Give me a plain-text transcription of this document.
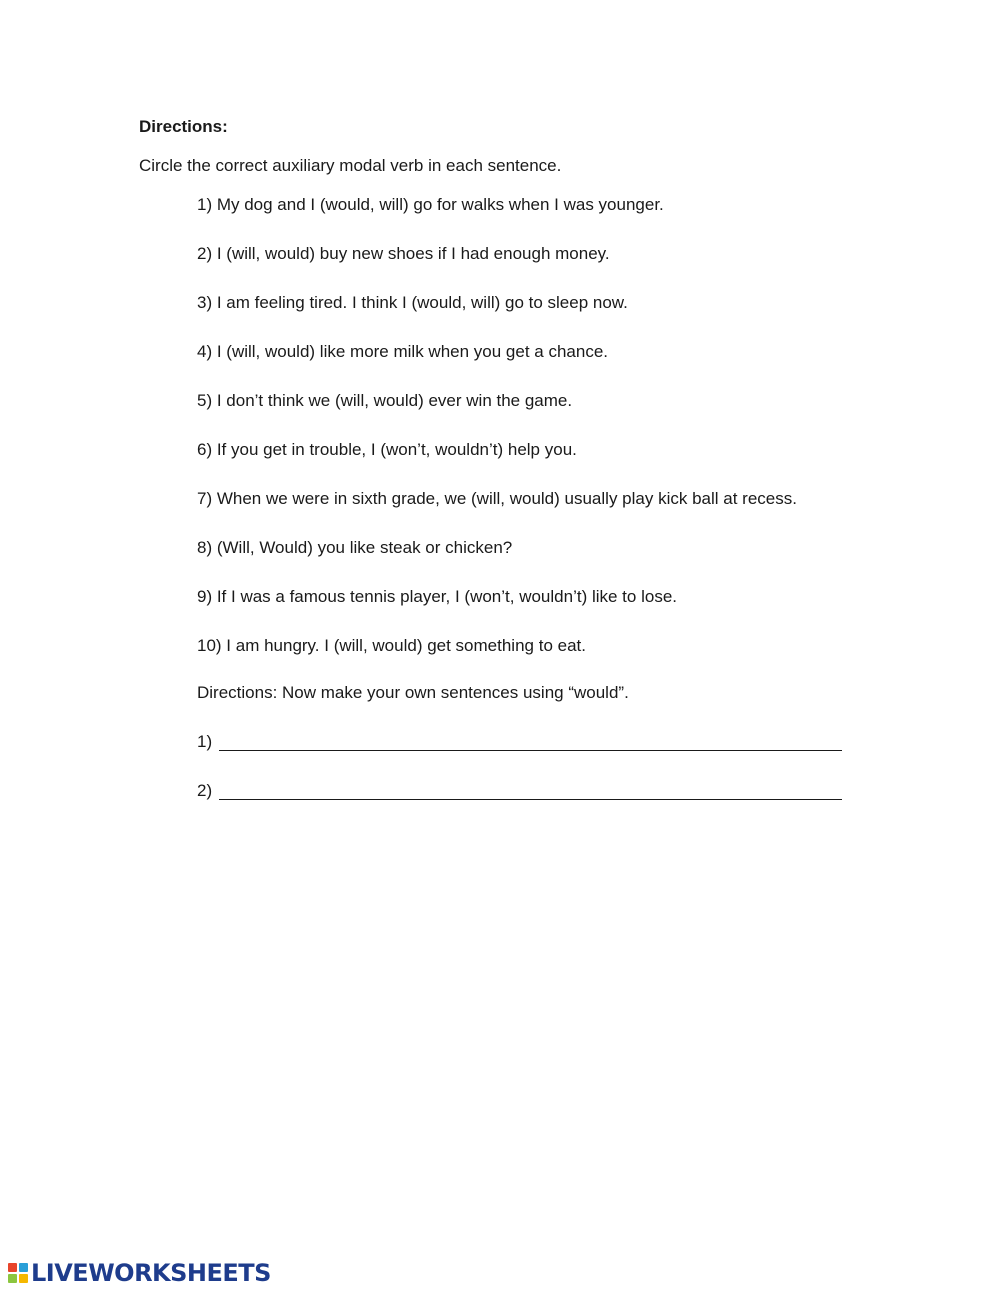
Directions:

Circle the correct auxiliary modal verb in each sentence.

1) My dog and I (would, will) go for walks when I was younger.
2) I (will, would) buy new shoes if I had enough money.
3) I am feeling tired. I think I (would, will) go to sleep now.
4) I (will, would) like more milk when you get a chance.
5) I don’t think we (will, would) ever win the game.
6) If you get in trouble, I (won’t, wouldn’t) help you.
7) When we were in sixth grade, we (will, would) usually play kick ball at recess.
8) (Will, Would) you like steak or chicken?
9) If I was a famous tennis player, I (won’t, wouldn’t) like to lose.
10) I am hungry. I (will, would) get something to eat.

Directions: Now make your own sentences using “would”.

1)
2)
LIVEWORKSHEETS
